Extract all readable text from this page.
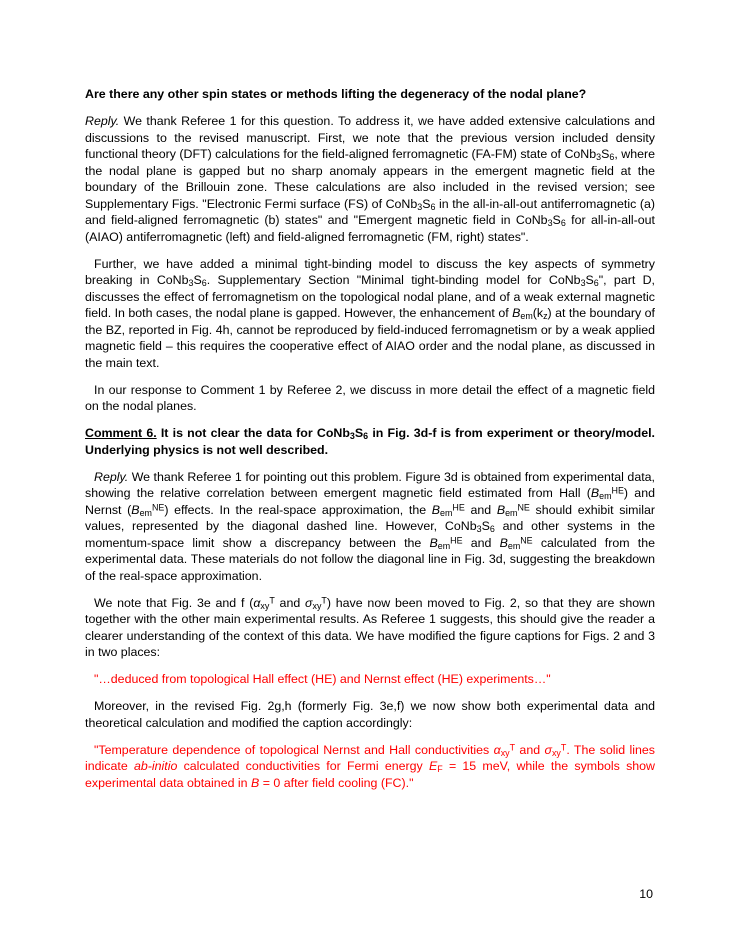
Are there any other spin states or methods lifting the degeneracy of the nodal plane?

Reply. We thank Referee 1 for this question. To address it, we have added extensive calculations and discussions to the revised manuscript. First, we note that the previous version included density functional theory (DFT) calculations for the field-aligned ferromagnetic (FA-FM) state of $CoNb_3S_6$, where the nodal plane is gapped but no sharp anomaly appears in the emergent magnetic field at the boundary of the Brillouin zone. These calculations are also included in the revised version; see Supplementary Figs. "Electronic Fermi surface (FS) of $CoNb_3S_6$ in the all-in-all-out antiferromagnetic (a) and field-aligned ferromagnetic (b) states" and "Emergent magnetic field in $CoNb_3S_6$ for all-in-all-out (AIAO) antiferromagnetic (left) and field-aligned ferromagnetic (FM, right) states".

Further, we have added a minimal tight-binding model to discuss the key aspects of symmetry breaking in $CoNb_3S_6$. Supplementary Section "Minimal tight-binding model for $CoNb_3S_6$", part D, discusses the effect of ferromagnetism on the topological nodal plane, and of a weak external magnetic field. In both cases, the nodal plane is gapped. However, the enhancement of $B_{em}(k_z)$ at the boundary of the BZ, reported in Fig. 4h, cannot be reproduced by field-induced ferromagnetism or by a weak applied magnetic field – this requires the cooperative effect of AIAO order and the nodal plane, as discussed in the main text.

In our response to Comment 1 by Referee 2, we discuss in more detail the effect of a magnetic field on the nodal planes.

Comment 6. It is not clear the data for $CoNb_3S_6$ in Fig. 3d-f is from experiment or theory/model. Underlying physics is not well described.

Reply. We thank Referee 1 for pointing out this problem. Figure 3d is obtained from experimental data, showing the relative correlation between emergent magnetic field estimated from Hall $(B_{em}^{HE})$ and Nernst $(B_{em}^{NE})$ effects. In the real-space approximation, the $B_{em}^{HE}$ and $B_{em}^{NE}$ should exhibit similar values, represented by the diagonal dashed line. However, $CoNb_3S_6$ and other systems in the momentum-space limit show a discrepancy between the $B_{em}^{HE}$ and $B_{em}^{NE}$ calculated from the experimental data. These materials do not follow the diagonal line in Fig. 3d, suggesting the breakdown of the real-space approximation.

We note that Fig. 3e and f ($\alpha_{xy}^T$ and $\sigma_{xy}^T$) have now been moved to Fig. 2, so that they are shown together with the other main experimental results. As Referee 1 suggests, this should give the reader a clearer understanding of the context of this data. We have modified the figure captions for Figs. 2 and 3 in two places:

"…deduced from topological Hall effect (HE) and Nernst effect (HE) experiments…"

Moreover, in the revised Fig. 2g,h (formerly Fig. 3e,f) we now show both experimental data and theoretical calculation and modified the caption accordingly:

"Temperature dependence of topological Nernst and Hall conductivities $\alpha_{xy}^T$ and $\sigma_{xy}^T$. The solid lines indicate ab-initio calculated conductivities for Fermi energy $E_F = 15$ meV, while the symbols show experimental data obtained in B = 0 after field cooling (FC)."

10
